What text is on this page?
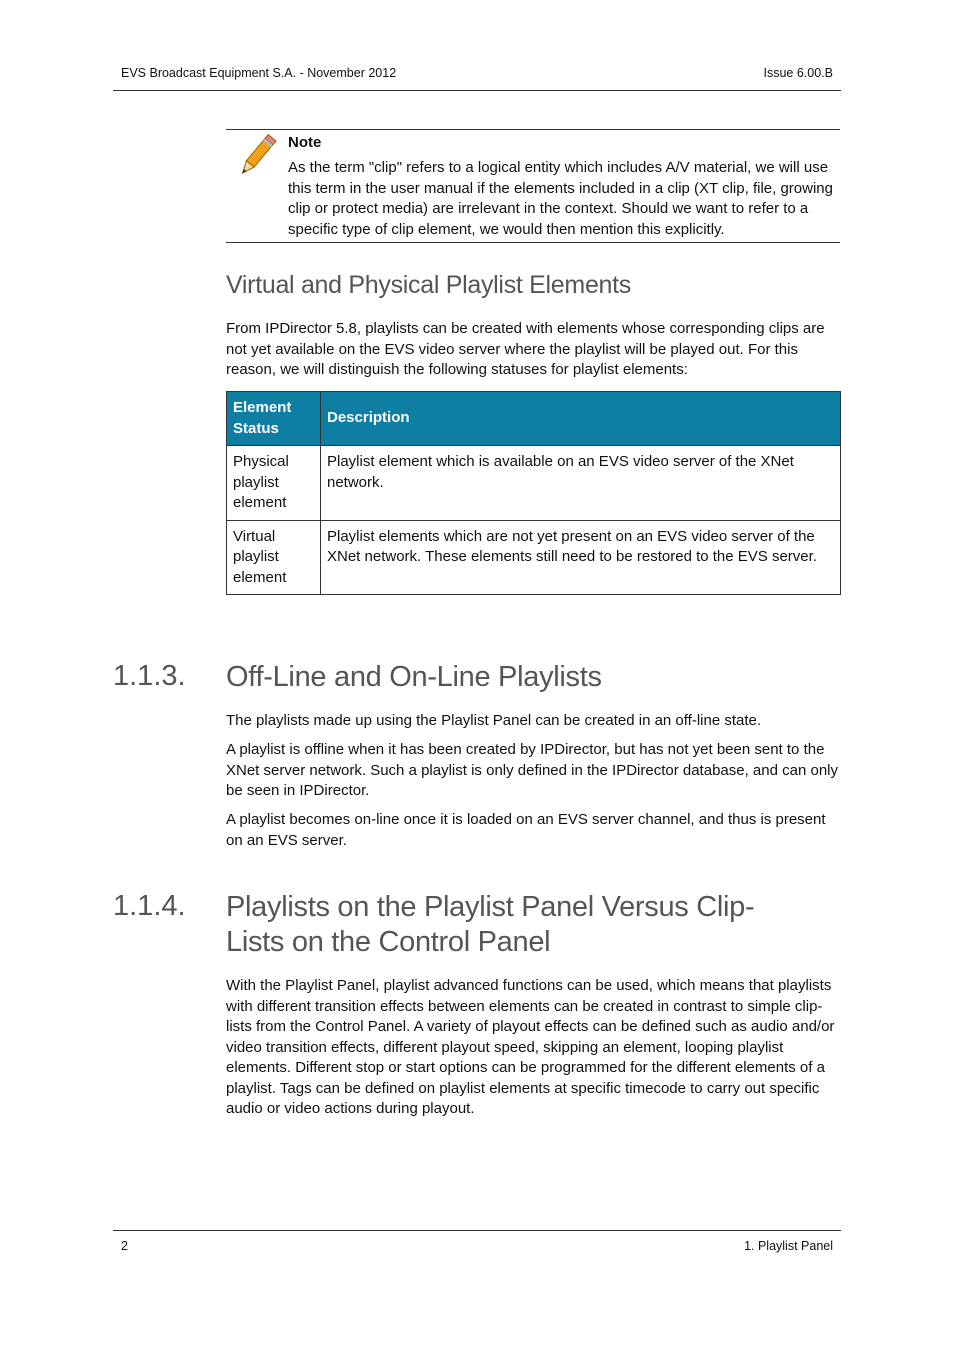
EVS Broadcast Equipment S.A. - November 2012	Issue 6.00.B
Note
As the term "clip" refers to a logical entity which includes A/V material, we will use this term in the user manual if the elements included in a clip (XT clip, file, growing clip or protect media) are irrelevant in the context. Should we want to refer to a specific type of clip element, we would then mention this explicitly.
Virtual and Physical Playlist Elements
From IPDirector 5.8, playlists can be created with elements whose corresponding clips are not yet available on the EVS video server where the playlist will be played out. For this reason, we will distinguish the following statuses for playlist elements:
Element Status	Description
Physical playlist element	Playlist element which is available on an EVS video server of the XNet network.
Virtual playlist element	Playlist elements which are not yet present on an EVS video server of the XNet network. These elements still need to be restored to the EVS server.
1.1.3. Off-Line and On-Line Playlists
The playlists made up using the Playlist Panel can be created in an off-line state.
A playlist is offline when it has been created by IPDirector, but has not yet been sent to the XNet server network. Such a playlist is only defined in the IPDirector database, and can only be seen in IPDirector.
A playlist becomes on-line once it is loaded on an EVS server channel, and thus is present on an EVS server.
1.1.4. Playlists on the Playlist Panel Versus Clip-
Lists on the Control Panel
With the Playlist Panel, playlist advanced functions can be used, which means that playlists with different transition effects between elements can be created in contrast to simple clip-lists from the Control Panel. A variety of playout effects can be defined such as audio and/or video transition effects, different playout speed, skipping an element, looping playlist elements. Different stop or start options can be programmed for the different elements of a playlist. Tags can be defined on playlist elements at specific timecode to carry out specific audio or video actions during playout.
2	1. Playlist Panel
